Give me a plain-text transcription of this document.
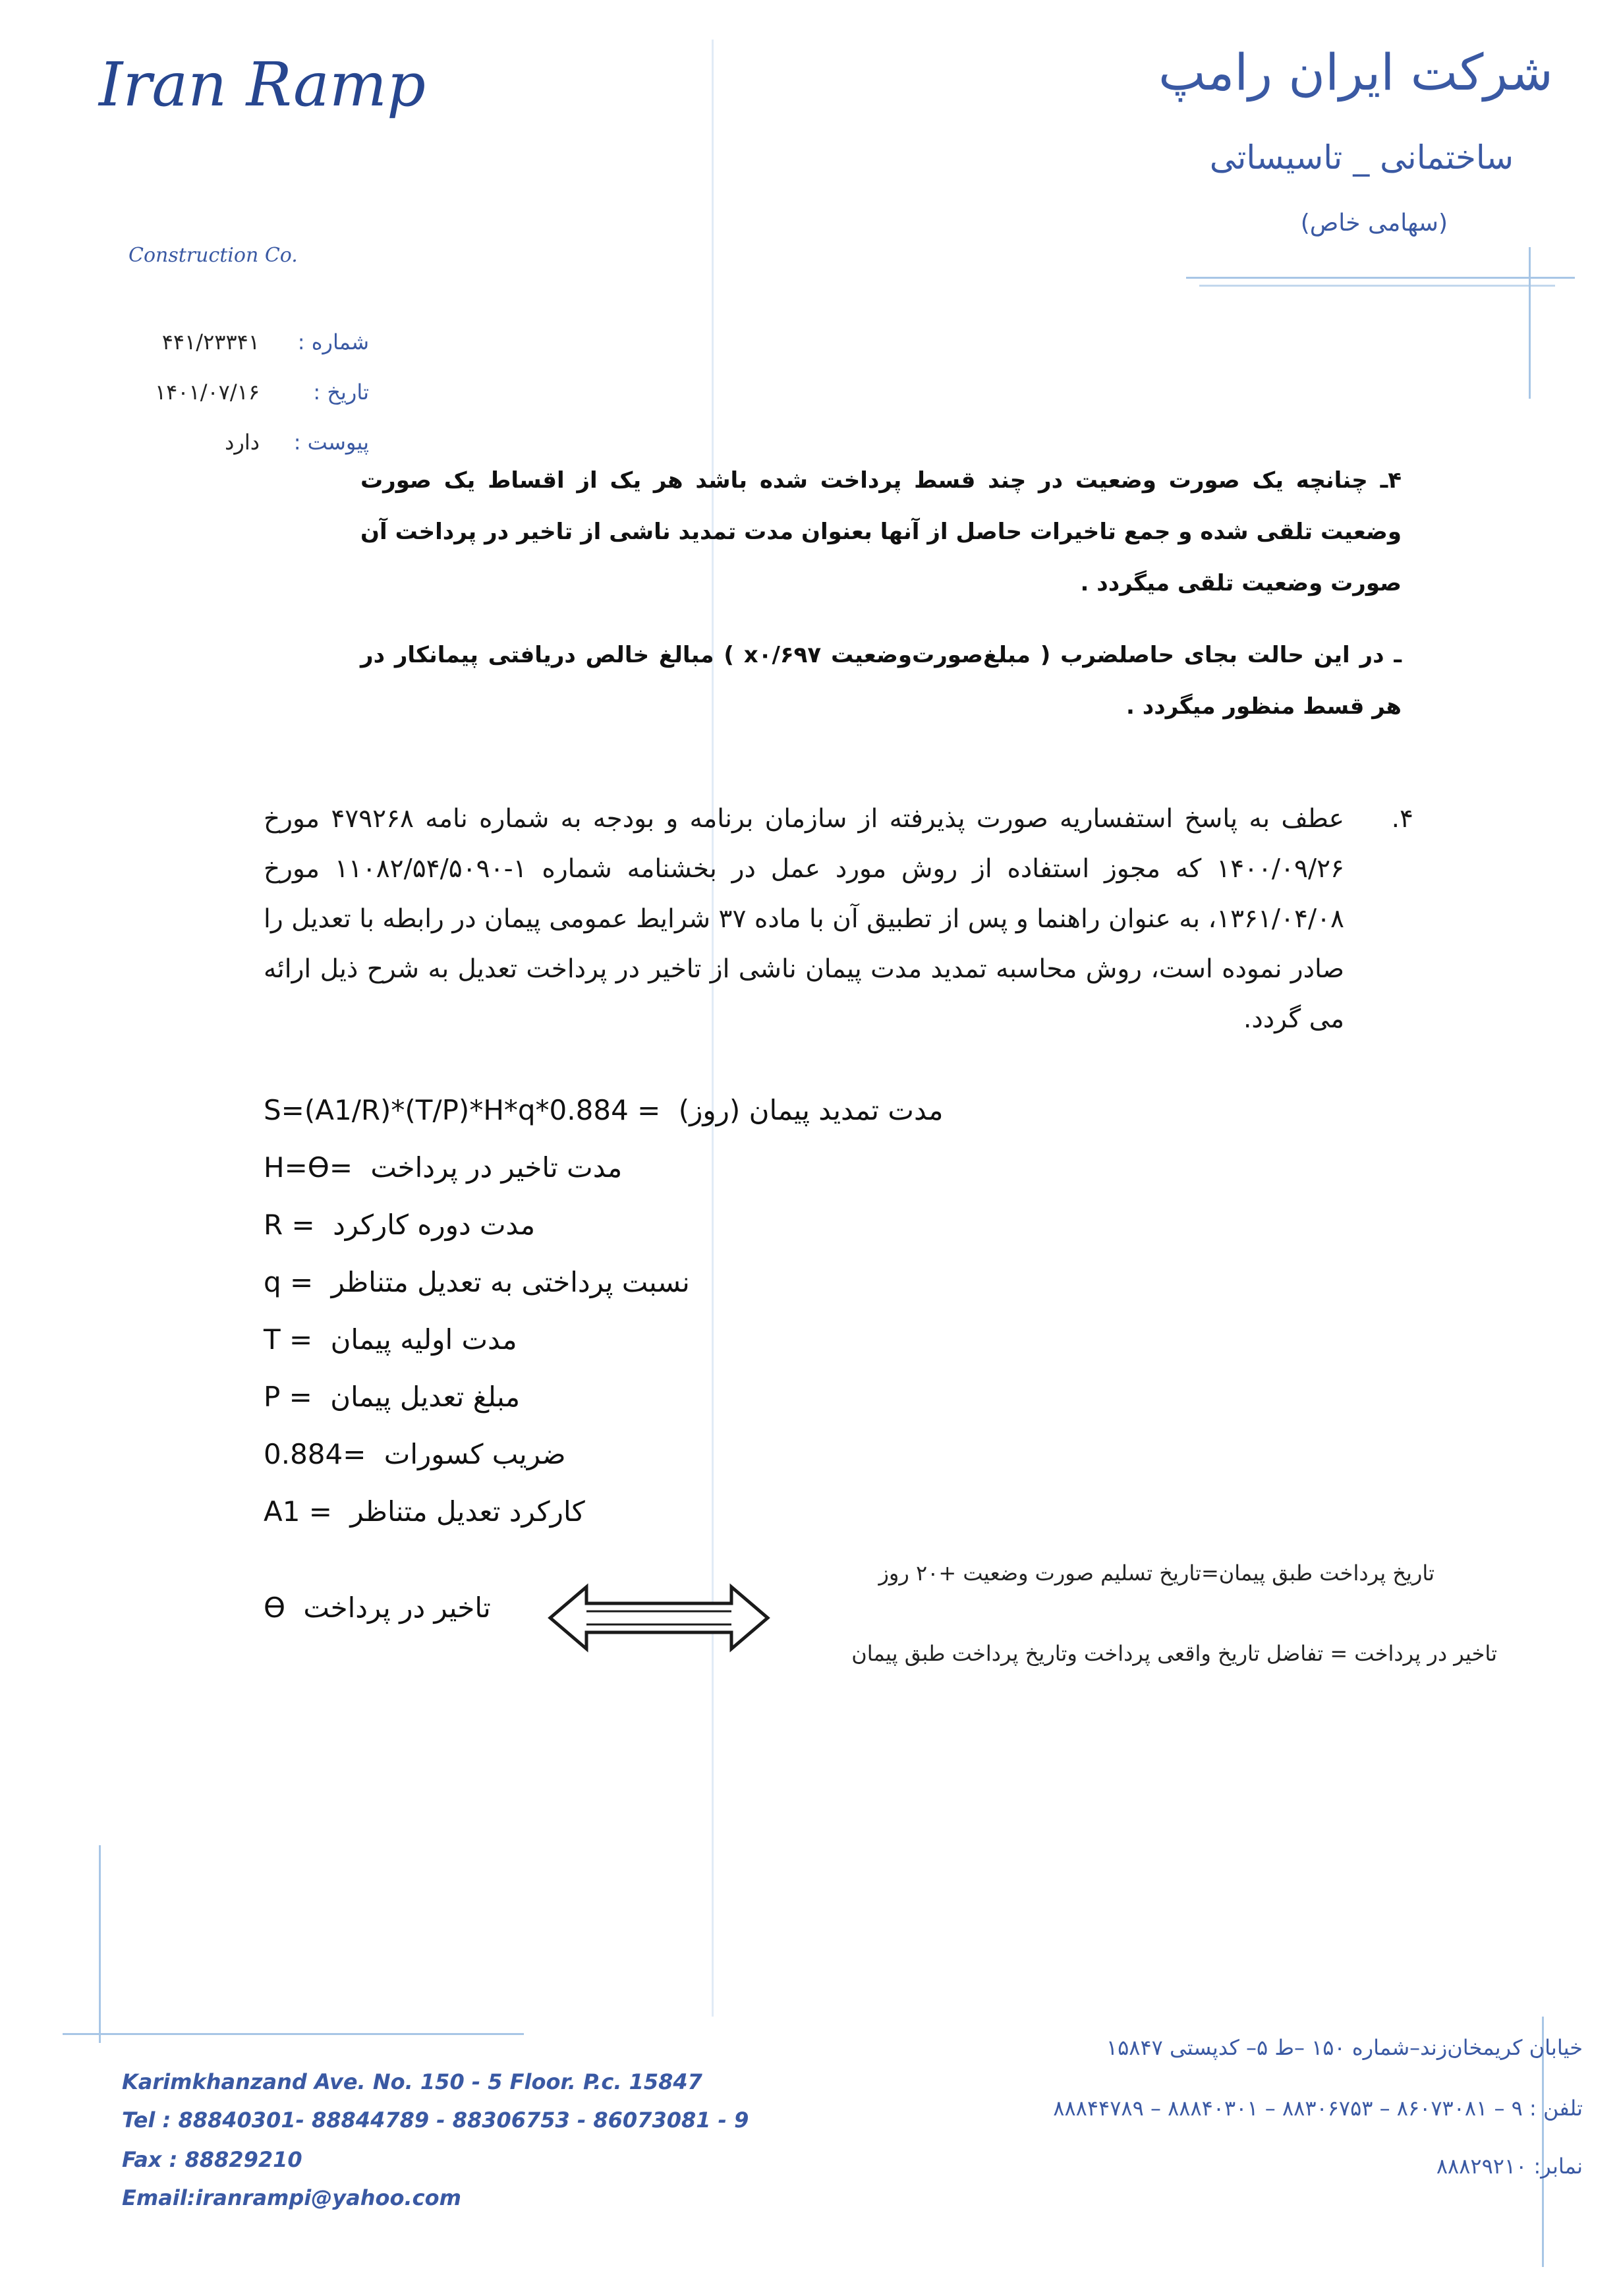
Iran Ramp
Construction Co.
شرکت ایران رامپ
ساختمانی _ تاسیساتی
(سهامی خاص)
شماره :
۴۴۱/۲۳۳۴۱
تاریخ :
۱۴۰۱/۰۷/۱۶
پیوست :
دارد

۴ـ چنانچه یک صورت وضعیت در چند قسط پرداخت شده باشد هر یک از اقساط یک صورت وضعیت تلقی شده و جمع تاخیرات حاصل از آنها بعنوان مدت تمدید ناشی از تاخیر در پرداخت آن صورت وضعیت تلقی میگردد .

ـ در این حالت بجای حاصلضرب ( مبلغ‌صورت‌وضعیت x۰/۶۹۷ ) مبالغ خالص دریافتی پیمانکار در هر قسط منظور میگردد .

۴.
عطف به پاسخ استفساریه صورت پذیرفته از سازمان برنامه و بودجه به شماره نامه ۴۷۹۲۶۸ مورخ ۱۴۰۰/۰۹/۲۶ که مجوز استفاده از روش مورد عمل در بخشنامه شماره ۱-۱۱۰۸۲/۵۴/۵۰۹۰ مورخ ۱۳۶۱/۰۴/۰۸، به عنوان راهنما و پس از تطبیق آن با ماده ۳۷ شرایط عمومی پیمان در رابطه با تعدیل را صادر نموده است، روش محاسبه تمدید مدت پیمان ناشی از تاخیر در پرداخت تعدیل به شرح ذیل ارائه می گردد.
S=(A1/R)*(T/P)*H*q*0.884 = مدت تمدید پیمان (روز)
H=Ɵ= مدت تاخیر در پرداخت
R = مدت دوره کارکرد
q = نسبت پرداختی به تعدیل متناظر
T = مدت اولیه پیمان
P = مبلغ تعدیل پیمان
0.884= ضریب کسورات
A1 = کارکرد تعدیل متناظر
Ɵ تاخیر در پرداخت
تاریخ پرداخت طبق پیمان=تاریخ تسلیم صورت وضعیت +۲۰ روز
تاخیر در پرداخت = تفاضل تاریخ واقعی پرداخت وتاریخ پرداخت طبق پیمان
Karimkhanzand Ave. No. 150 - 5 Floor. P.c. 15847
Tel : 88840301- 88844789 - 88306753 - 86073081 - 9
Fax : 88829210
Email:iranrampi@yahoo.com
خیابان کریمخان‌زند–شماره ۱۵۰ –ط ۵– کدپستی ۱۵۸۴۷
تلفن : ۹ – ۸۶۰۷۳۰۸۱ – ۸۸۳۰۶۷۵۳ – ۸۸۸۴۰۳۰۱ – ۸۸۸۴۴۷۸۹
نمابر: ۸۸۸۲۹۲۱۰
